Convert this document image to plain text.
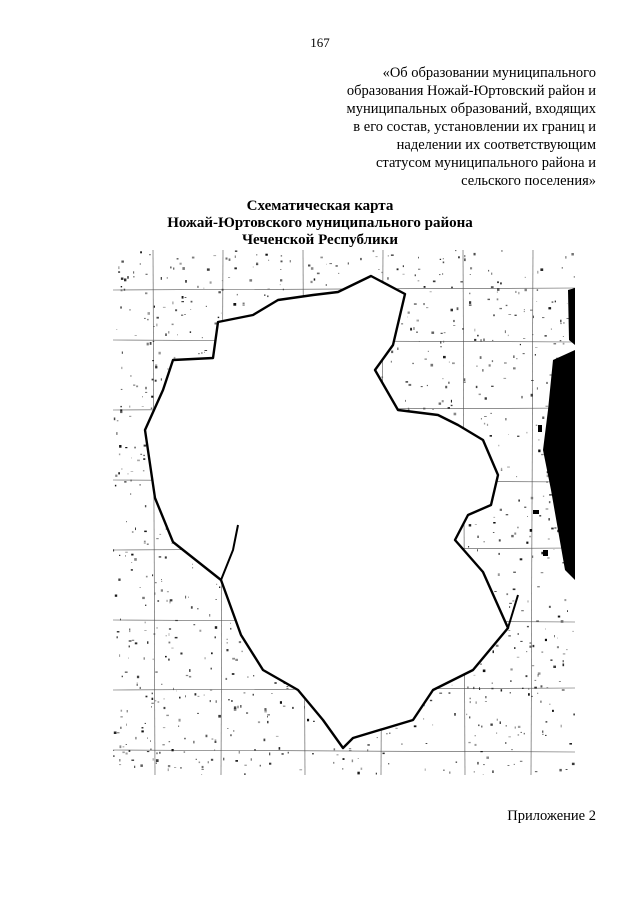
167
«Об образовании муниципального
образования Ножай-Юртовский район и
муниципальных образований, входящих
в его состав, установлении их границ и
наделении их соответствующим
статусом муниципального района и
сельского поселения»
Схематическая карта
Ножай-Юртовского муниципального района
Чеченской Республики
Приложение 2
